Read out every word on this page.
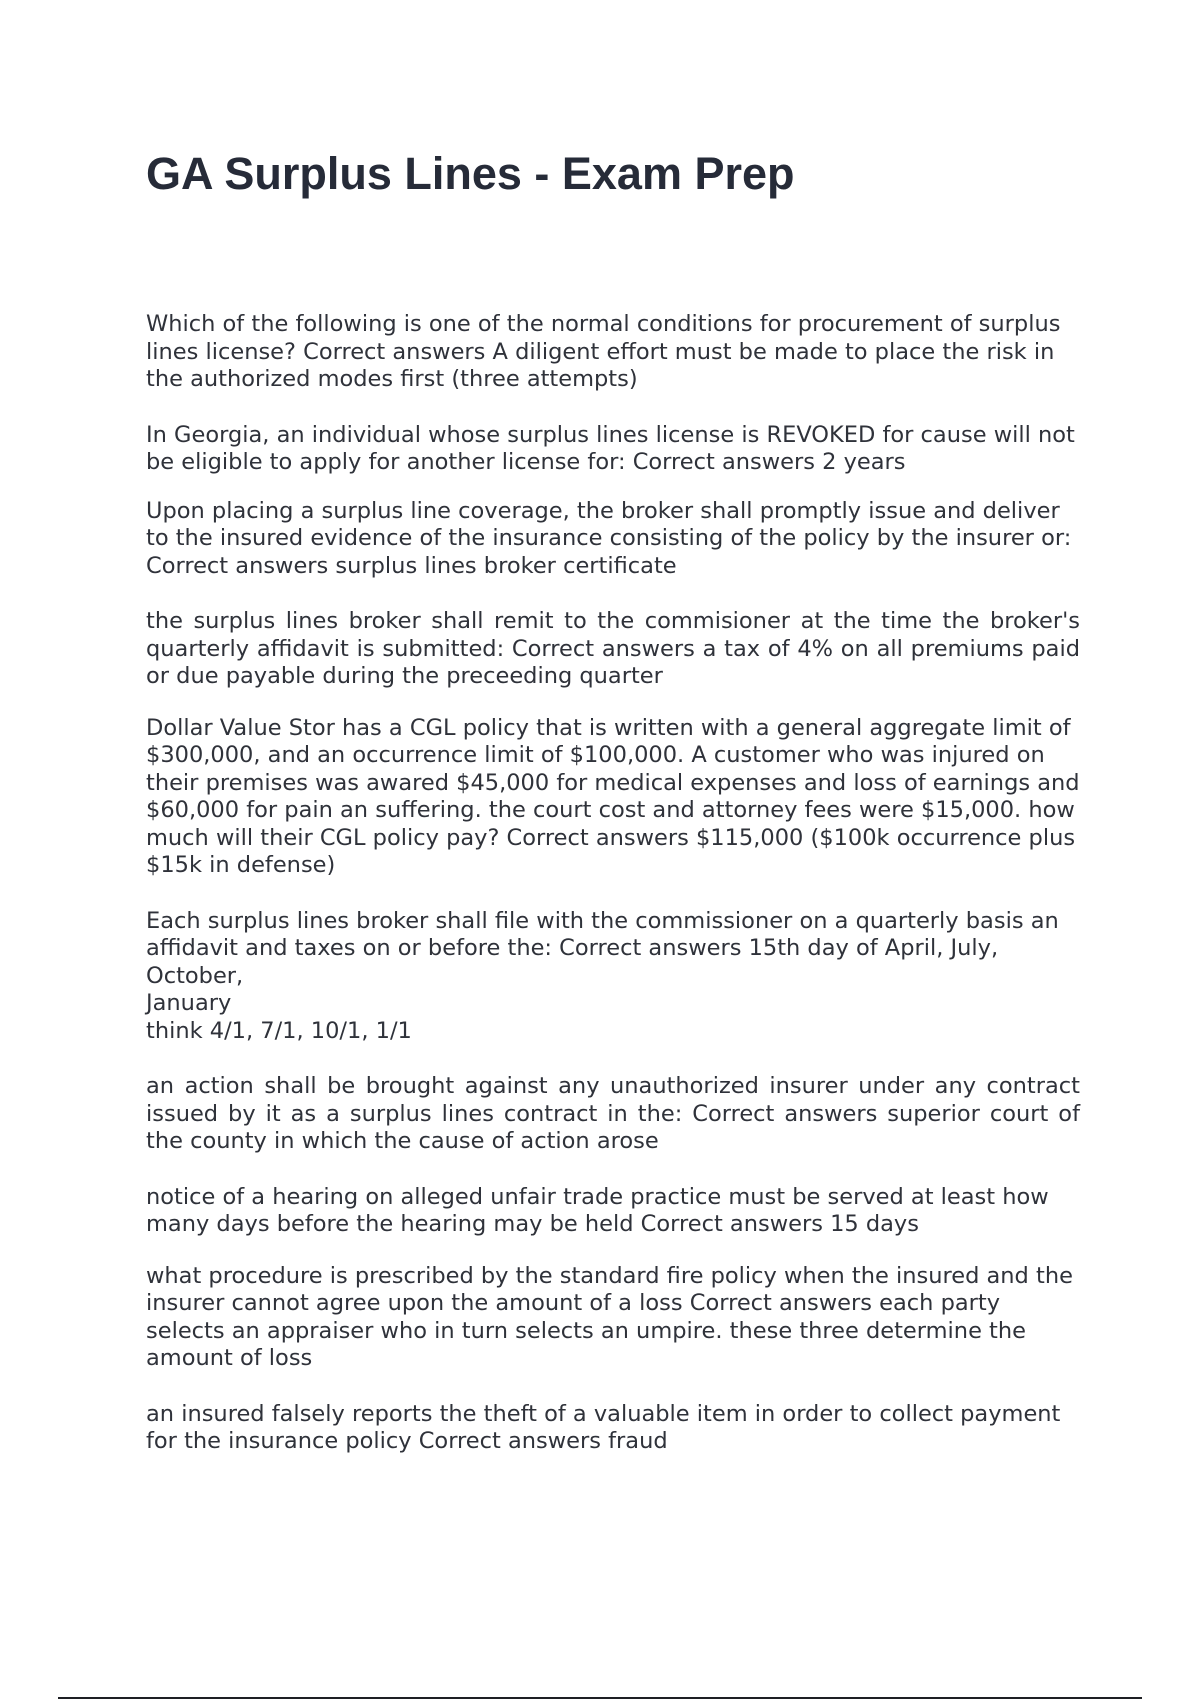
GA Surplus Lines - Exam Prep

Which of the following is one of the normal conditions for procurement of surplus lines license? Correct answers A diligent effort must be made to place the risk in the authorized modes first (three attempts)

In Georgia, an individual whose surplus lines license is REVOKED for cause will not be eligible to apply for another license for: Correct answers 2 years

Upon placing a surplus line coverage, the broker shall promptly issue and deliver to the insured evidence of the insurance consisting of the policy by the insurer or: Correct answers surplus lines broker certificate

the surplus lines broker shall remit to the commisioner at the time the broker's quarterly affidavit is submitted: Correct answers a tax of 4% on all premiums paid or due payable during the preceeding quarter

Dollar Value Stor has a CGL policy that is written with a general aggregate limit of
$300,000, and an occurrence limit of $100,000. A customer who was injured on their premises was awared $45,000 for medical expenses and loss of earnings and $60,000 for pain an suffering. the court cost and attorney fees were $15,000. how much will their CGL policy pay? Correct answers $115,000 ($100k occurrence plus $15k in defense)

Each surplus lines broker shall file with the commissioner on a quarterly basis an affidavit and taxes on or before the: Correct answers 15th day of April, July, October,
January
think 4/1, 7/1, 10/1, 1/1

an action shall be brought against any unauthorized insurer under any contract issued by it as a surplus lines contract in the: Correct answers superior court of the county in which the cause of action arose

notice of a hearing on alleged unfair trade practice must be served at least how many days before the hearing may be held Correct answers 15 days

what procedure is prescribed by the standard fire policy when the insured and the insurer cannot agree upon the amount of a loss Correct answers each party selects an appraiser who in turn selects an umpire. these three determine the amount of loss

an insured falsely reports the theft of a valuable item in order to collect payment for the insurance policy Correct answers fraud
